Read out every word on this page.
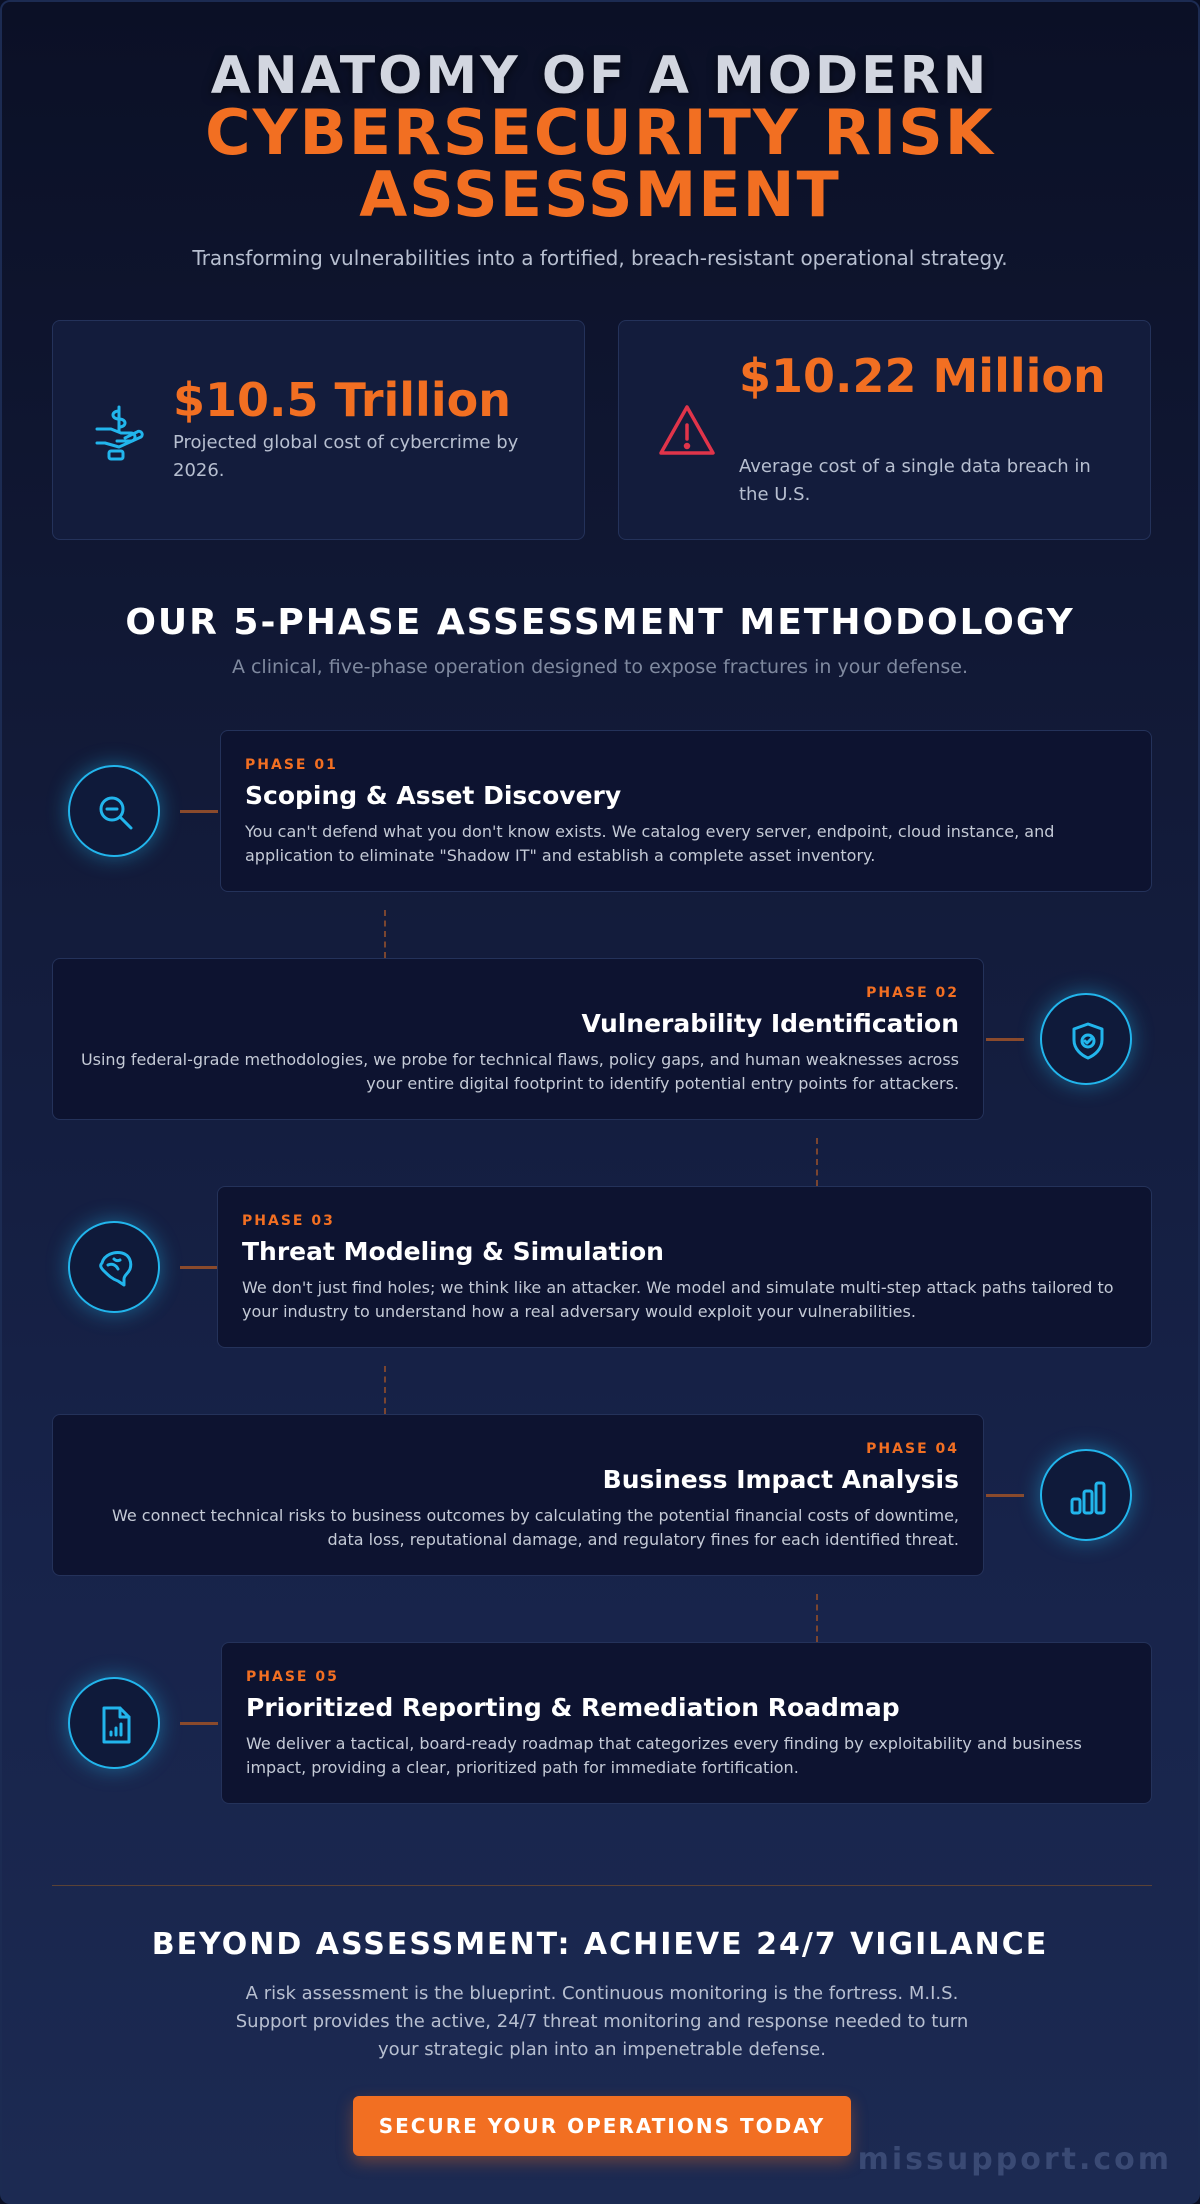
ANATOMY OF A MODERN
CYBERSECURITY RISK ASSESSMENT
Transforming vulnerabilities into a fortified, breach-resistant operational strategy.
$10.5 Trillion
Projected global cost of cybercrime by 2026.
$10.22 Million
Average cost of a single data breach in the U.S.
OUR 5-PHASE ASSESSMENT METHODOLOGY
A clinical, five-phase operation designed to expose fractures in your defense.
PHASE 01
Scoping & Asset Discovery
You can't defend what you don't know exists. We catalog every server, endpoint, cloud instance, and application to eliminate "Shadow IT" and establish a complete asset inventory.
PHASE 02
Vulnerability Identification
Using federal-grade methodologies, we probe for technical flaws, policy gaps, and human weaknesses across your entire digital footprint to identify potential entry points for attackers.
PHASE 03
Threat Modeling & Simulation
We don't just find holes; we think like an attacker. We model and simulate multi-step attack paths tailored to your industry to understand how a real adversary would exploit your vulnerabilities.
PHASE 04
Business Impact Analysis
We connect technical risks to business outcomes by calculating the potential financial costs of downtime, data loss, reputational damage, and regulatory fines for each identified threat.
PHASE 05
Prioritized Reporting & Remediation Roadmap
We deliver a tactical, board-ready roadmap that categorizes every finding by exploitability and business impact, providing a clear, prioritized path for immediate fortification.
BEYOND ASSESSMENT: ACHIEVE 24/7 VIGILANCE
A risk assessment is the blueprint. Continuous monitoring is the fortress. M.I.S. Support provides the active, 24/7 threat monitoring and response needed to turn your strategic plan into an impenetrable defense.
SECURE YOUR OPERATIONS TODAY
missupport.com
